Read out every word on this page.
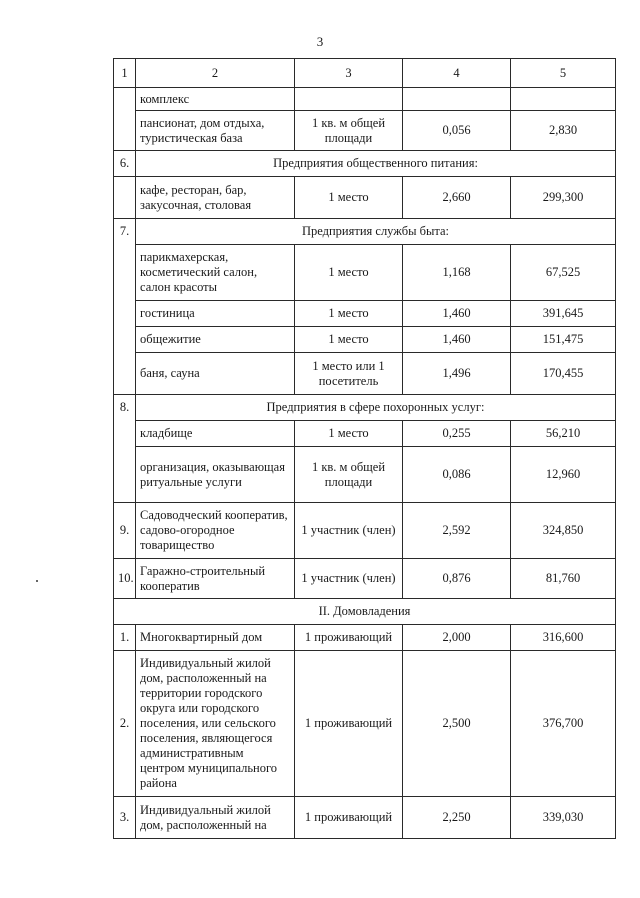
3
1	2	3	4	5
	комплекс			
	пансионат, дом отдыха, туристическая база	1 кв. м общей площади	0,056	2,830
6.	Предприятия общественного питания:			
	кафе, ресторан, бар, закусочная, столовая	1 место	2,660	299,300
7.	Предприятия службы быта:			
	парикмахерская, косметический салон, салон красоты	1 место	1,168	67,525
	гостиница	1 место	1,460	391,645
	общежитие	1 место	1,460	151,475
	баня, сауна	1 место или 1 посетитель	1,496	170,455
8.	Предприятия в сфере похоронных услуг:			
	кладбище	1 место	0,255	56,210
	организация, оказывающая ритуальные услуги	1 кв. м общей площади	0,086	12,960
9.	Садоводческий кооператив, садово-огородное товарищество	1 участник (член)	2,592	324,850
10.	Гаражно-строительный кооператив	1 участник (член)	0,876	81,760
II. Домовладения				
1.	Многоквартирный дом	1 проживающий	2,000	316,600
2.	Индивидуальный жилой дом, расположенный на территории городского округа или городского поселения, или сельского поселения, являющегося административным центром муниципального района	1 проживающий	2,500	376,700
3.	Индивидуальный жилой дом, расположенный на	1 проживающий	2,250	339,030
